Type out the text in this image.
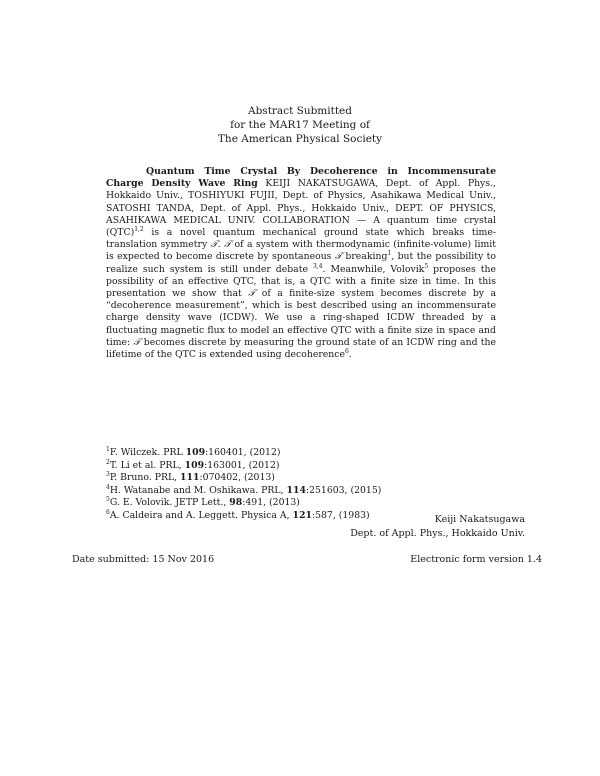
Abstract Submitted
for the MAR17 Meeting of
The American Physical Society
Quantum Time Crystal By Decoherence in Incommensurate Charge Density Wave Ring KEIJI NAKATSUGAWA, Dept. of Appl. Phys., Hokkaido Univ., TOSHIYUKI FUJII, Dept. of Physics, Asahikawa Medical Univ., SATOSHI TANDA, Dept. of Appl. Phys., Hokkaido Univ., DEPT. OF PHYSICS, ASAHIKAWA MEDICAL UNIV. COLLABORATION — A quantum time crystal (QTC)$^{1,2}$ is a novel quantum mechanical ground state which breaks time-translation symmetry 𝒯. 𝒯 of a system with thermodynamic (infinite-volume) limit is expected to become discrete by spontaneous 𝒯 breaking$^1$, but the possibility to realize such system is still under debate $^{3,4}$. Meanwhile, Volovik$^5$ proposes the possibility of an effective QTC, that is, a QTC with a finite size in time. In this presentation we show that 𝒯 of a finite-size system becomes discrete by a “decoherence measurement”, which is best described using an incommensurate charge density wave (ICDW). We use a ring-shaped ICDW threaded by a fluctuating magnetic flux to model an effective QTC with a finite size in space and time: 𝒯 becomes discrete by measuring the ground state of an ICDW ring and the lifetime of the QTC is extended using decoherence$^6$.
$^1$F. Wilczek. PRL 109:160401, (2012)
$^2$T. Li et al. PRL, 109:163001, (2012)
$^3$P. Bruno. PRL, 111:070402, (2013)
$^4$H. Watanabe and M. Oshikawa. PRL, 114:251603, (2015)
$^5$G. E. Volovik. JETP Lett., 98:491, (2013)
$^6$A. Caldeira and A. Leggett. Physica A, 121:587, (1983)	Keiji Nakatsugawa
Dept. of Appl. Phys., Hokkaido Univ.
Date submitted: 15 Nov 2016	Electronic form version 1.4
